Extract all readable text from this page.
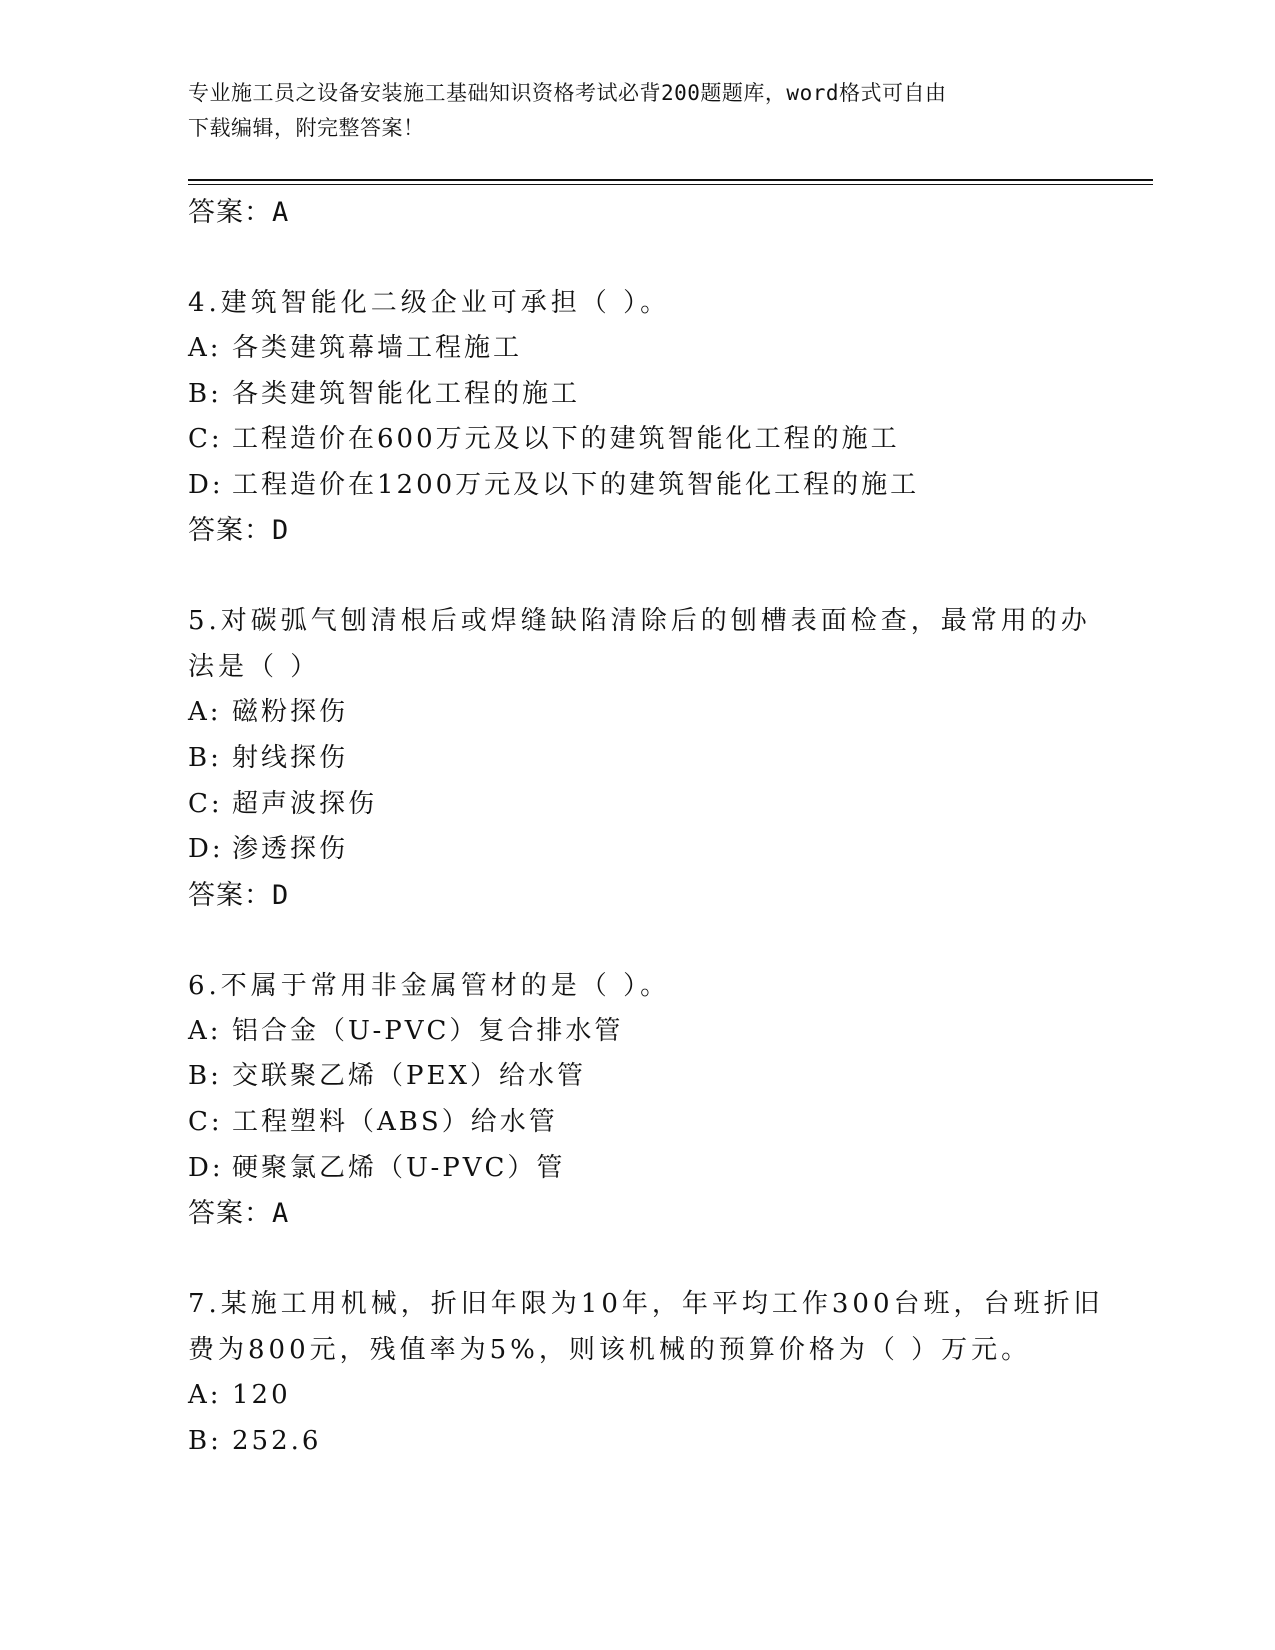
专业施工员之设备安装施工基础知识资格考试必背200题题库，word格式可自由
下载编辑，附完整答案！
答案：A
4.建筑智能化二级企业可承担（ ）。
A: 各类建筑幕墙工程施工
B: 各类建筑智能化工程的施工
C: 工程造价在600万元及以下的建筑智能化工程的施工
D: 工程造价在1200万元及以下的建筑智能化工程的施工
答案：D
5.对碳弧气刨清根后或焊缝缺陷清除后的刨槽表面检查，最常用的办
法是（ ）
A: 磁粉探伤
B: 射线探伤
C: 超声波探伤
D: 渗透探伤
答案：D
6.不属于常用非金属管材的是（ ）。
A: 铝合金（U-PVC）复合排水管
B: 交联聚乙烯（PEX）给水管
C: 工程塑料（ABS）给水管
D: 硬聚氯乙烯（U-PVC）管
答案：A
7.某施工用机械，折旧年限为10年，年平均工作300台班，台班折旧
费为800元，残值率为5%，则该机械的预算价格为（ ）万元。
A: 120
B: 252.6
